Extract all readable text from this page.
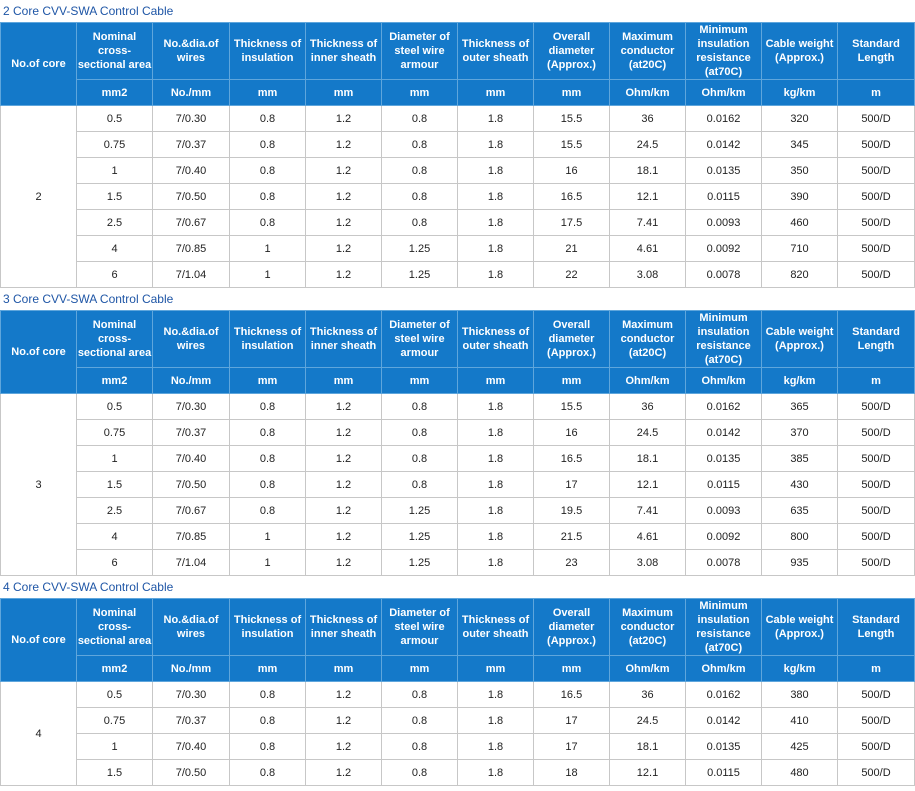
2 Core CVV-SWA Control Cable
No.of core	Nominal cross-sectional area	No.&dia.of wires	Thickness of insulation	Thickness of inner sheath	Diameter of steel wire armour	Thickness of outer sheath	Overall diameter (Approx.)	Maximum conductor (at20C)	Minimum insulation resistance (at70C)	Cable weight (Approx.)	Standard Length
	mm2	No./mm	mm	mm	mm	mm	mm	Ohm/km	Ohm/km	kg/km	m
2	0.5	7/0.30	0.8	1.2	0.8	1.8	15.5	36	0.0162	320	500/D
	0.75	7/0.37	0.8	1.2	0.8	1.8	15.5	24.5	0.0142	345	500/D
	1	7/0.40	0.8	1.2	0.8	1.8	16	18.1	0.0135	350	500/D
	1.5	7/0.50	0.8	1.2	0.8	1.8	16.5	12.1	0.0115	390	500/D
	2.5	7/0.67	0.8	1.2	0.8	1.8	17.5	7.41	0.0093	460	500/D
	4	7/0.85	1	1.2	1.25	1.8	21	4.61	0.0092	710	500/D
	6	7/1.04	1	1.2	1.25	1.8	22	3.08	0.0078	820	500/D
3 Core CVV-SWA Control Cable
No.of core	Nominal cross-sectional area	No.&dia.of wires	Thickness of insulation	Thickness of inner sheath	Diameter of steel wire armour	Thickness of outer sheath	Overall diameter (Approx.)	Maximum conductor (at20C)	Minimum insulation resistance (at70C)	Cable weight (Approx.)	Standard Length
	mm2	No./mm	mm	mm	mm	mm	mm	Ohm/km	Ohm/km	kg/km	m
3	0.5	7/0.30	0.8	1.2	0.8	1.8	15.5	36	0.0162	365	500/D
	0.75	7/0.37	0.8	1.2	0.8	1.8	16	24.5	0.0142	370	500/D
	1	7/0.40	0.8	1.2	0.8	1.8	16.5	18.1	0.0135	385	500/D
	1.5	7/0.50	0.8	1.2	0.8	1.8	17	12.1	0.0115	430	500/D
	2.5	7/0.67	0.8	1.2	1.25	1.8	19.5	7.41	0.0093	635	500/D
	4	7/0.85	1	1.2	1.25	1.8	21.5	4.61	0.0092	800	500/D
	6	7/1.04	1	1.2	1.25	1.8	23	3.08	0.0078	935	500/D
4 Core CVV-SWA Control Cable
No.of core	Nominal cross-sectional area	No.&dia.of wires	Thickness of insulation	Thickness of inner sheath	Diameter of steel wire armour	Thickness of outer sheath	Overall diameter (Approx.)	Maximum conductor (at20C)	Minimum insulation resistance (at70C)	Cable weight (Approx.)	Standard Length
	mm2	No./mm	mm	mm	mm	mm	mm	Ohm/km	Ohm/km	kg/km	m
4	0.5	7/0.30	0.8	1.2	0.8	1.8	16.5	36	0.0162	380	500/D
	0.75	7/0.37	0.8	1.2	0.8	1.8	17	24.5	0.0142	410	500/D
	1	7/0.40	0.8	1.2	0.8	1.8	17	18.1	0.0135	425	500/D
	1.5	7/0.50	0.8	1.2	0.8	1.8	18	12.1	0.0115	480	500/D
